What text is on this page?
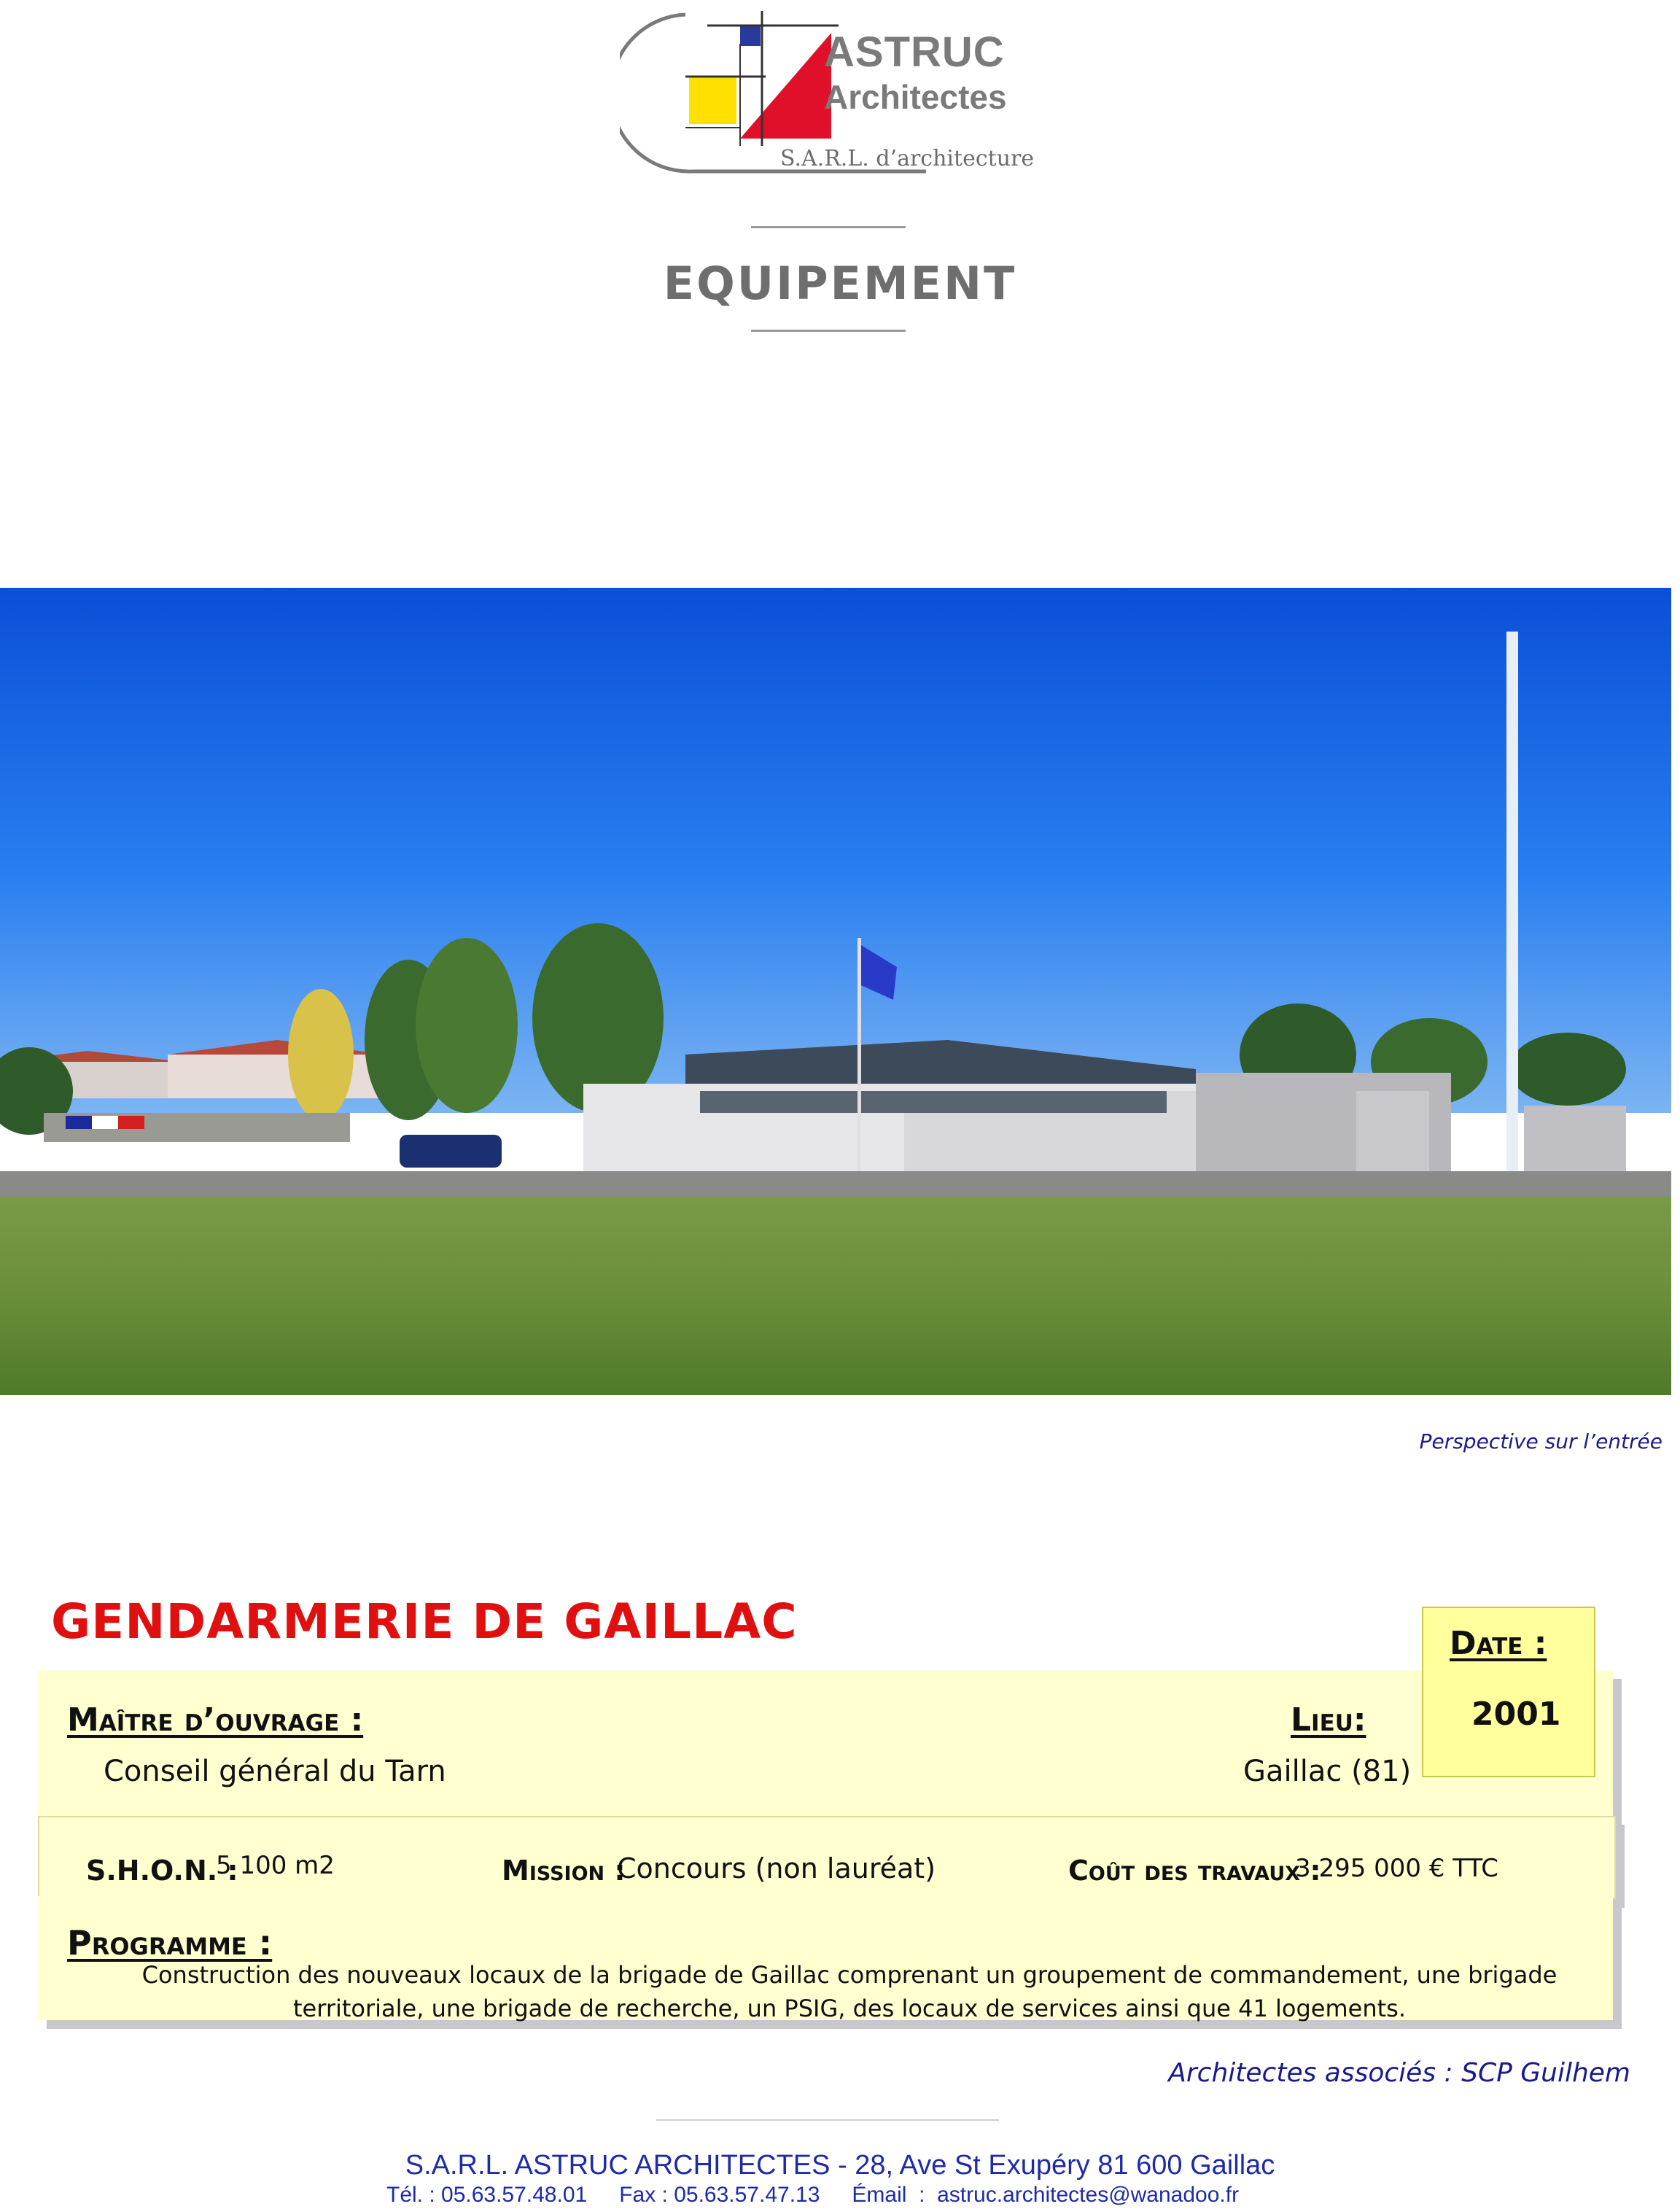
ASTRUC
Architectes
S.A.R.L. d’architecture
EQUIPEMENT
Perspective sur l’entrée
GENDARMERIE DE GAILLAC	Date :
2001
Maître d’ouvrage :
Conseil général du Tarn
Lieu:
Gaillac (81)
S.H.O.N. :
5 100 m2	Mission :
Concours (non lauréat)	Coût des travaux :
3 295 000 € TTC
Programme :
Construction des nouveaux locaux de la brigade de Gaillac comprenant un groupement de commandement, une brigade territoriale, une brigade de recherche, un PSIG, des locaux de services ainsi que 41 logements.
Architectes associés : SCP Guilhem
S.A.R.L. ASTRUC ARCHITECTES - 28, Ave St Exupéry 81 600 Gaillac
Tél. : 05.63.57.48.01 Fax : 05.63.57.47.13 Émail  :  astruc.architectes@wanadoo.fr
